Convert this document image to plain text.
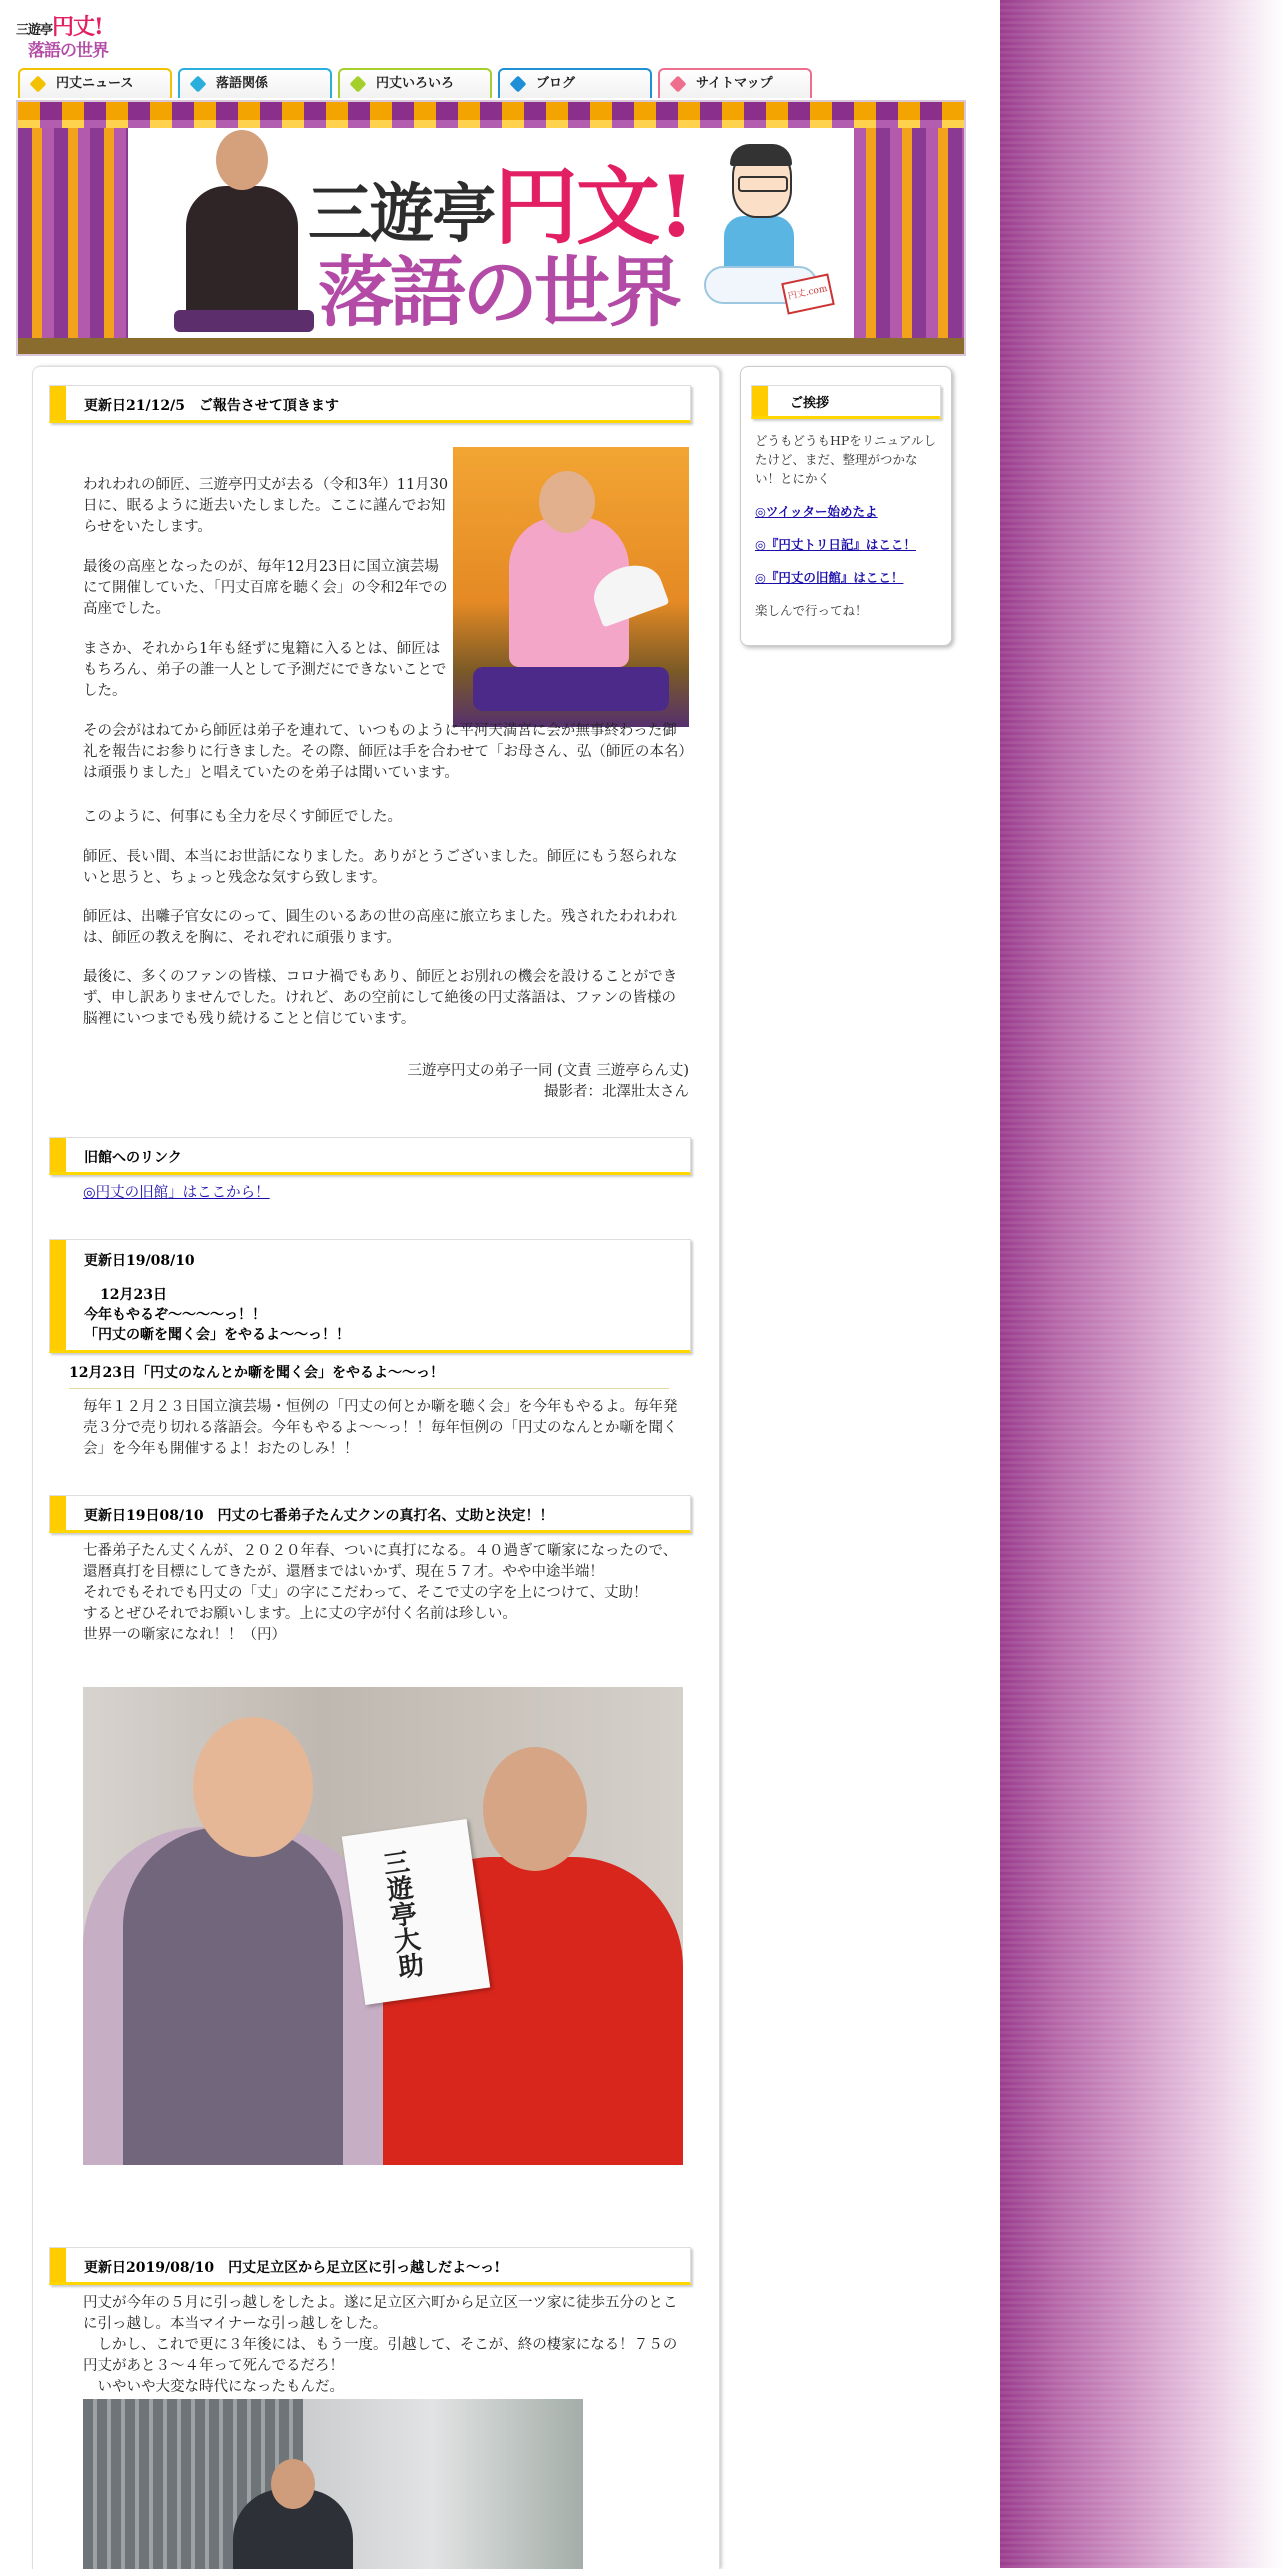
三遊亭円丈!
落語の世界
円丈ニュース	落語関係	円丈いろいろ	ブログ	サイトマップ
三遊亭円文!
落語の世界	円丈.com
更新日21/12/5　ご報告させて頂きます

われわれの師匠、三遊亭円丈が去る（令和3年）11月30日に、眠るように逝去いたしました。ここに謹んでお知らせをいたします。

最後の高座となったのが、毎年12月23日に国立演芸場にて開催していた、「円丈百席を聴く会」の令和2年での高座でした。

まさか、それから1年も経ずに鬼籍に入るとは、師匠はもちろん、弟子の誰一人として予測だにできないことでした。

その会がはねてから師匠は弟子を連れて、いつものように平河天満宮に会が無事終わった御礼を報告にお参りに行きました。その際、師匠は手を合わせて「お母さん、弘（師匠の本名）は頑張りました」と唱えていたのを弟子は聞いています。

このように、何事にも全力を尽くす師匠でした。

師匠、長い間、本当にお世話になりました。ありがとうございました。師匠にもう怒られないと思うと、ちょっと残念な気すら致します。

師匠は、出囃子官女にのって、圓生のいるあの世の高座に旅立ちました。残されたわれわれは、師匠の教えを胸に、それぞれに頑張ります。

最後に、多くのファンの皆様、コロナ禍でもあり、師匠とお別れの機会を設けることができず、申し訳ありませんでした。けれど、あの空前にして絶後の円丈落語は、ファンの皆様の脳裡にいつまでも残り続けることと信じています。

三遊亭円丈の弟子一同 (文責 三遊亭らん丈)

撮影者：北澤壯太さん

旧館へのリンク
◎円丈の旧館」はここから！
更新日19/08/10
12月23日
今年もやるぞ～～～～っ！！
「円丈の噺を聞く会」をやるよ～～っ！！
12月23日「円丈のなんとか噺を聞く会」をやるよ～～っ！

毎年１２月２３日国立演芸場・恒例の「円丈の何とか噺を聴く会」を今年もやるよ。毎年発売３分で売り切れる落語会。今年もやるよ～～っ！！毎年恒例の「円丈のなんとか噺を聞く会」を今年も開催するよ！おたのしみ！！

更新日19日08/10　円丈の七番弟子たん丈クンの真打名、丈助と決定！！

七番弟子たん丈くんが、２０２０年春、ついに真打になる。４０過ぎて噺家になったので、還暦真打を目標にしてきたが、還暦まではいかず、現在５７才。やや中途半端！

それでもそれでも円丈の「丈」の字にこだわって、そこで丈の字を上につけて、丈助！

するとぜひそれでお願いします。上に丈の字が付く名前は珍しい。

世界一の噺家になれ！！（円）

三遊亭大助
更新日2019/08/10　円丈足立区から足立区に引っ越しだよ～っ!

円丈が今年の５月に引っ越しをしたよ。遂に足立区六町から足立区一ツ家に徒歩五分のとこに引っ越し。本当マイナーな引っ越しをした。

　しかし、これで更に３年後には、もう一度。引越して、そこが、終の棲家になる！７５の円丈があと３～４年って死んでるだろ！

　いやいや大変な時代になったもんだ。

ご挨拶

どうもどうもHPをリニュアルしたけど、まだ、整理がつかない！とにかく

◎ツイッター始めたよ

◎『円丈トリ日記』はここ！

◎『円丈の旧館』はここ！

楽しんで行ってね！
